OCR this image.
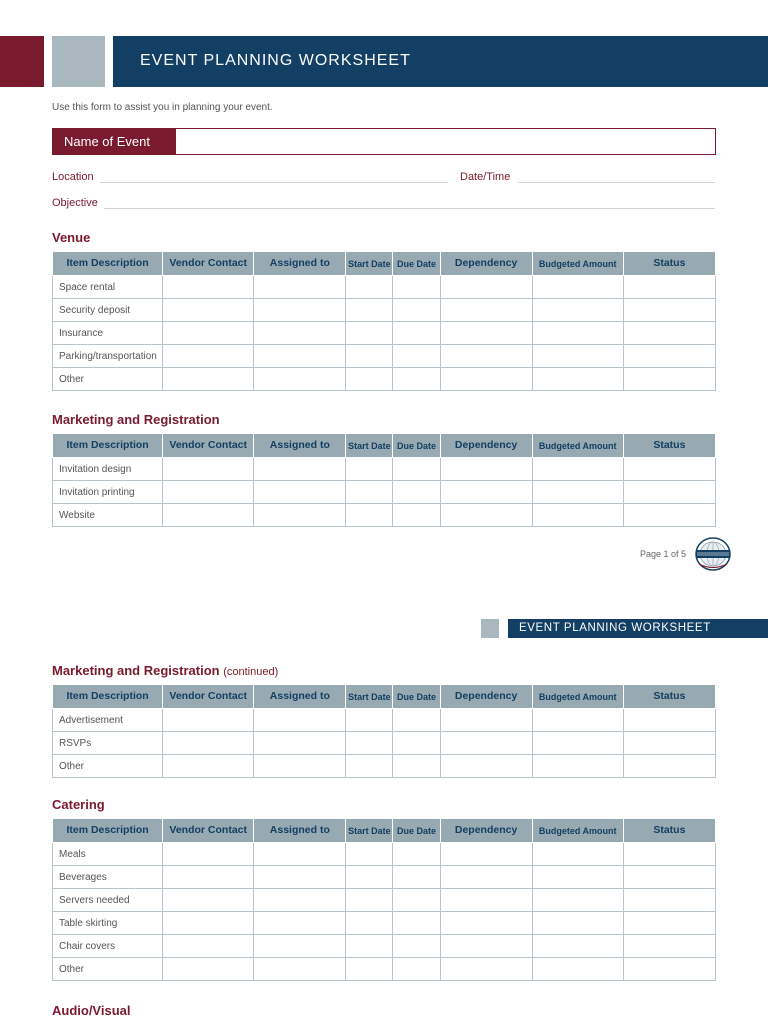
EVENT PLANNING WORKSHEET
Use this form to assist you in planning your event.
Name of Event
Location	Date/Time
Objective
Venue
Item Description	Vendor Contact	Assigned to	Start Date	Due Date	Dependency	Budgeted Amount	Status
Space rental							
Security deposit							
Insurance							
Parking/transportation							
Other							
Marketing and Registration
Item Description	Vendor Contact	Assigned to	Start Date	Due Date	Dependency	Budgeted Amount	Status
Invitation design							
Invitation printing							
Website							
Page 1 of 5
EVENT PLANNING WORKSHEET
Marketing and Registration (continued)
Item Description	Vendor Contact	Assigned to	Start Date	Due Date	Dependency	Budgeted Amount	Status
Advertisement							
RSVPs							
Other							
Catering
Item Description	Vendor Contact	Assigned to	Start Date	Due Date	Dependency	Budgeted Amount	Status
Meals							
Beverages							
Servers needed							
Table skirting							
Chair covers							
Other							
Audio/Visual
